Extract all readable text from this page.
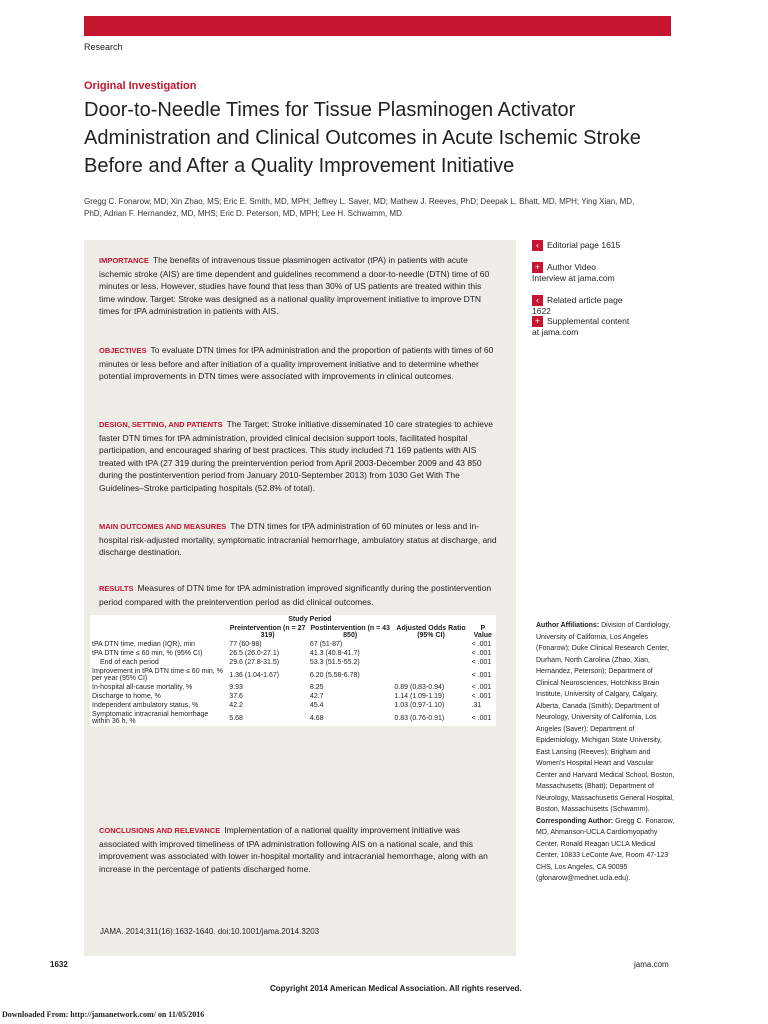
Research
Original Investigation
Door-to-Needle Times for Tissue Plasminogen Activator Administration and Clinical Outcomes in Acute Ischemic Stroke Before and After a Quality Improvement Initiative
Gregg C. Fonarow, MD; Xin Zhao, MS; Eric E. Smith, MD, MPH; Jeffrey L. Saver, MD; Mathew J. Reeves, PhD; Deepak L. Bhatt, MD, MPH; Ying Xian, MD, PhD; Adrian F. Hernandez, MD, MHS; Eric D. Peterson, MD, MPH; Lee H. Schwamm, MD
IMPORTANCE The benefits of intravenous tissue plasminogen activator (tPA) in patients with acute ischemic stroke (AIS) are time dependent and guidelines recommend a door-to-needle (DTN) time of 60 minutes or less. However, studies have found that less than 30% of US patients are treated within this time window. Target: Stroke was designed as a national quality improvement initiative to improve DTN times for tPA administration in patients with AIS.
OBJECTIVES To evaluate DTN times for tPA administration and the proportion of patients with times of 60 minutes or less before and after initiation of a quality improvement initiative and to determine whether potential improvements in DTN times were associated with improvements in clinical outcomes.
DESIGN, SETTING, AND PATIENTS The Target: Stroke initiative disseminated 10 care strategies to achieve faster DTN times for tPA administration, provided clinical decision support tools, facilitated hospital participation, and encouraged sharing of best practices. This study included 71 169 patients with AIS treated with tPA (27 319 during the preintervention period from April 2003-December 2009 and 43 850 during the postintervention period from January 2010-September 2013) from 1030 Get With The Guidelines–Stroke participating hospitals (52.8% of total).
MAIN OUTCOMES AND MEASURES The DTN times for tPA administration of 60 minutes or less and in-hospital risk-adjusted mortality, symptomatic intracranial hemorrhage, ambulatory status at discharge, and discharge destination.
RESULTS Measures of DTN time for tPA administration improved significantly during the postintervention period compared with the preintervention period as did clinical outcomes.
CONCLUSIONS AND RELEVANCE Implementation of a national quality improvement initiative was associated with improved timeliness of tPA administration following AIS on a national scale, and this improvement was associated with lower in-hospital mortality and intracranial hemorrhage, along with an increase in the percentage of patients discharged home.
	Study Period			
	Preintervention (n = 27 319)	Postintervention (n = 43 850)	Adjusted Odds Ratio (95% CI)	P Value
tPA DTN time, median (IQR), min	77 (60-98)	67 (51-87)		< .001
tPA DTN time ≤ 60 min, % (95% CI)	26.5 (26.0-27.1)	41.3 (40.8-41.7)		< .001
End of each period	29.6 (27.8-31.5)	53.3 (51.5-55.2)		< .001
Improvement in tPA DTN time ≤ 60 min, % per year (95% CI)	1.36 (1.04-1.67)	6.20 (5.58-6.78)		< .001
In-hospital all-cause mortality, %	9.93	8.25	0.89 (0.83-0.94)	< .001
Discharge to home, %	37.6	42.7	1.14 (1.09-1.19)	< .001
Independent ambulatory status, %	42.2	45.4	1.03 (0.97-1.10)	.31
Symptomatic intracranial hemorrhage within 36 h, %	5.68	4.68	0.83 (0.76-0.91)	< .001
‹ Editorial page 1615
+ Author Video Interview at jama.com
‹ Related article page 1622
+ Supplemental content at jama.com
Author Affiliations: Division of Cardiology, University of California, Los Angeles (Fonarow); Duke Clinical Research Center, Durham, North Carolina (Zhao, Xian, Hernandez, Peterson); Department of Clinical Neurosciences, Hotchkiss Brain Institute, University of Calgary, Calgary, Alberta, Canada (Smith); Department of Neurology, University of California, Los Angeles (Saver); Department of Epidemiology, Michigan State University, East Lansing (Reeves); Brigham and Women's Hospital Heart and Vascular Center and Harvard Medical School, Boston, Massachusetts (Bhatt); Department of Neurology, Massachusetts General Hospital, Boston, Massachusetts (Schwamm).
Corresponding Author: Gregg C. Fonarow, MD, Ahmanson-UCLA Cardiomyopathy Center, Ronald Reagan UCLA Medical Center, 10833 LeConte Ave, Room 47-123 CHS, Los Angeles, CA 90095 (gfonarow@mednet.ucla.edu).
JAMA. 2014;311(16):1632-1640. doi:10.1001/jama.2014.3203
1632	jama.com
Copyright 2014 American Medical Association. All rights reserved.
Downloaded From: http://jamanetwork.com/ on 11/05/2016
